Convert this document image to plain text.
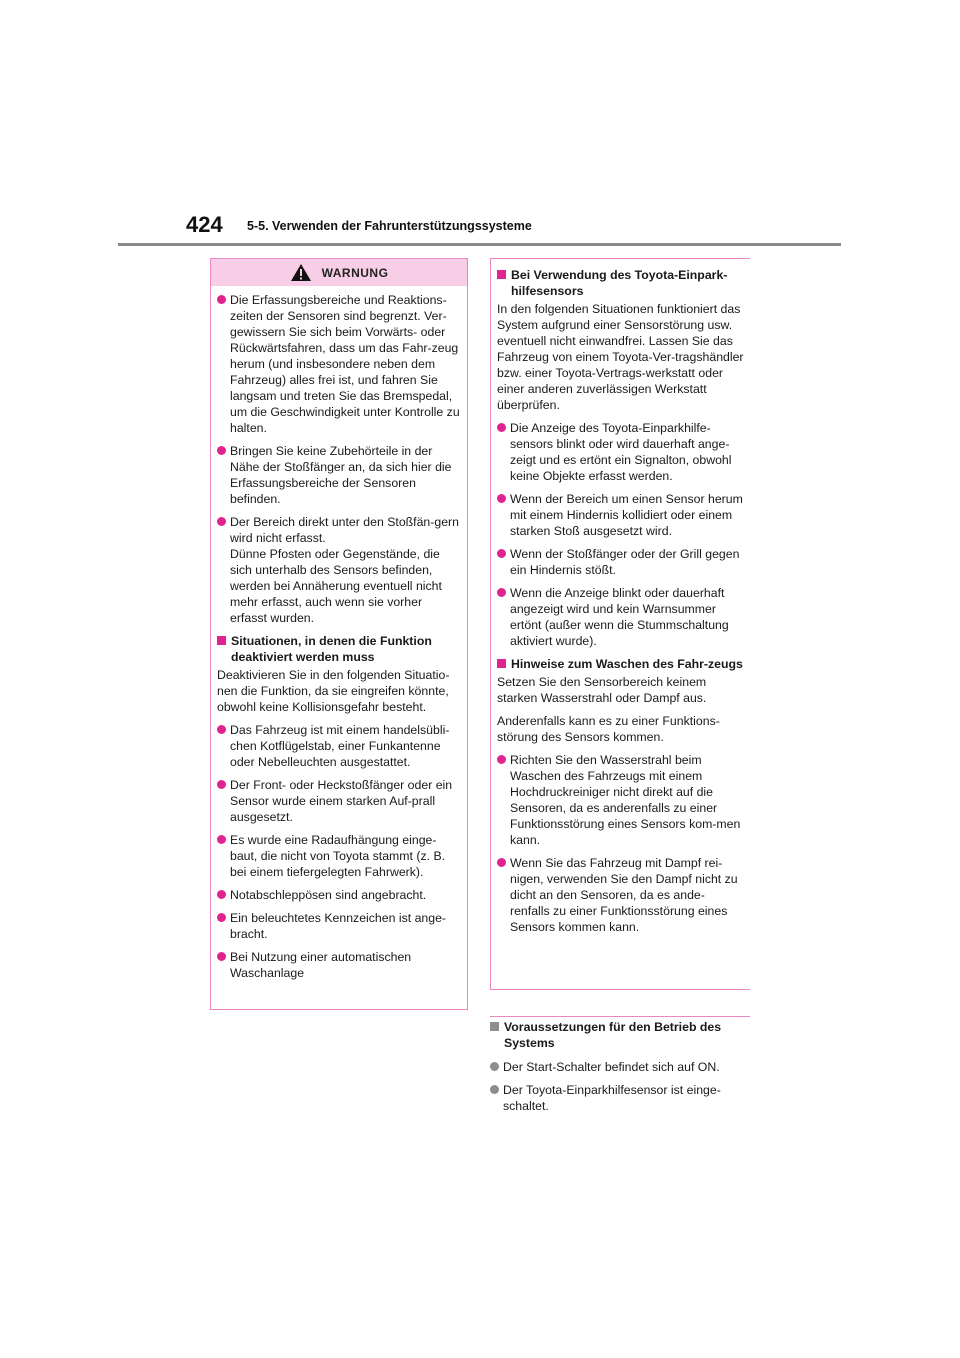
424 5-5. Verwenden der Fahrunterstützungssysteme
WARNUNG
Die Erfassungsbereiche und Reaktions-zeiten der Sensoren sind begrenzt. Ver-gewissern Sie sich beim Vorwärts- oder Rückwärtsfahren, dass um das Fahr-zeug herum (und insbesondere neben dem Fahrzeug) alles frei ist, und fahren Sie langsam und treten Sie das Bremspedal, um die Geschwindigkeit unter Kontrolle zu halten.
Bringen Sie keine Zubehörteile in der Nähe der Stoßfänger an, da sich hier die Erfassungsbereiche der Sensoren befinden.
Der Bereich direkt unter den Stoßfän-gern wird nicht erfasst.
Dünne Pfosten oder Gegenstände, die sich unterhalb des Sensors befinden, werden bei Annäherung eventuell nicht mehr erfasst, auch wenn sie vorher erfasst wurden.
Situationen, in denen die Funktion deaktiviert werden muss
Deaktivieren Sie in den folgenden Situatio-nen die Funktion, da sie eingreifen könnte, obwohl keine Kollisionsgefahr besteht.
Das Fahrzeug ist mit einem handelsübli-chen Kotflügelstab, einer Funkantenne oder Nebelleuchten ausgestattet.
Der Front- oder Heckstoßfänger oder ein Sensor wurde einem starken Auf-prall ausgesetzt.
Es wurde eine Radaufhängung einge-baut, die nicht von Toyota stammt (z. B. bei einem tiefergelegten Fahrwerk).
Notabschleppösen sind angebracht.
Ein beleuchtetes Kennzeichen ist ange-bracht.
Bei Nutzung einer automatischen Waschanlage
Bei Verwendung des Toyota-Einpark-hilfesensors
In den folgenden Situationen funktioniert das System aufgrund einer Sensorstörung usw. eventuell nicht einwandfrei. Lassen Sie das Fahrzeug von einem Toyota-Ver-tragshändler bzw. einer Toyota-Vertrags-werkstatt oder einer anderen zuverlässigen Werkstatt überprüfen.
Die Anzeige des Toyota-Einparkhilfe-sensors blinkt oder wird dauerhaft ange-zeigt und es ertönt ein Signalton, obwohl keine Objekte erfasst werden.
Wenn der Bereich um einen Sensor herum mit einem Hindernis kollidiert oder einem starken Stoß ausgesetzt wird.
Wenn der Stoßfänger oder der Grill gegen ein Hindernis stößt.
Wenn die Anzeige blinkt oder dauerhaft angezeigt wird und kein Warnsummer ertönt (außer wenn die Stummschaltung aktiviert wurde).
Hinweise zum Waschen des Fahr-zeugs
Setzen Sie den Sensorbereich keinem starken Wasserstrahl oder Dampf aus.
Anderenfalls kann es zu einer Funktions-störung des Sensors kommen.
Richten Sie den Wasserstrahl beim Waschen des Fahrzeugs mit einem Hochdruckreiniger nicht direkt auf die Sensoren, da es anderenfalls zu einer Funktionsstörung eines Sensors kom-men kann.
Wenn Sie das Fahrzeug mit Dampf rei-nigen, verwenden Sie den Dampf nicht zu dicht an den Sensoren, da es ande-renfalls zu einer Funktionsstörung eines Sensors kommen kann.
Voraussetzungen für den Betrieb des Systems
Der Start-Schalter befindet sich auf ON.
Der Toyota-Einparkhilfesensor ist einge-schaltet.
